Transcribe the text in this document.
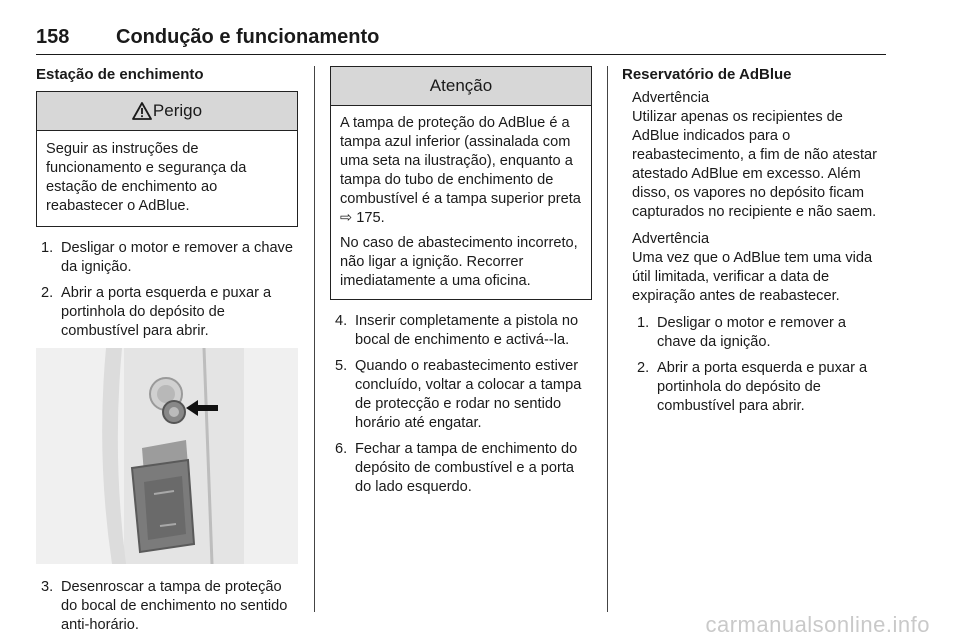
158 Condução e funcionamento
Estação de enchimento
Perigo

Seguir as instruções de funcionamento e segurança da estação de enchimento ao reabastecer o AdBlue.

1. Desligar o motor e remover a chave da ignição.
2. Abrir a porta esquerda e puxar a portinhola do depósito de combustível para abrir.
3. Desenroscar a tampa de proteção do bocal de enchimento no sentido anti-horário.
Atenção

A tampa de proteção do AdBlue é a tampa azul inferior (assinalada com uma seta na ilustração), enquanto a tampa do tubo de enchimento de combustível é a tampa superior preta ⇨ 175.

No caso de abastecimento incorreto, não ligar a ignição. Recorrer imediatamente a uma oficina.

4. Inserir completamente a pistola no bocal de enchimento e activá--la.
5. Quando o reabastecimento estiver concluído, voltar a colocar a tampa de protecção e rodar no sentido horário até engatar.
6. Fechar a tampa de enchimento do depósito de combustível e a porta do lado esquerdo.
Reservatório de AdBlue
Advertência

Utilizar apenas os recipientes de AdBlue indicados para o reabastecimento, a fim de não atestar atestado AdBlue em excesso. Além disso, os vapores no depósito ficam capturados no recipiente e não saem.

Advertência

Uma vez que o AdBlue tem uma vida útil limitada, verificar a data de expiração antes de reabastecer.

1. Desligar o motor e remover a chave da ignição.
2. Abrir a porta esquerda e puxar a portinhola do depósito de combustível para abrir.
carmanualsonline.info
